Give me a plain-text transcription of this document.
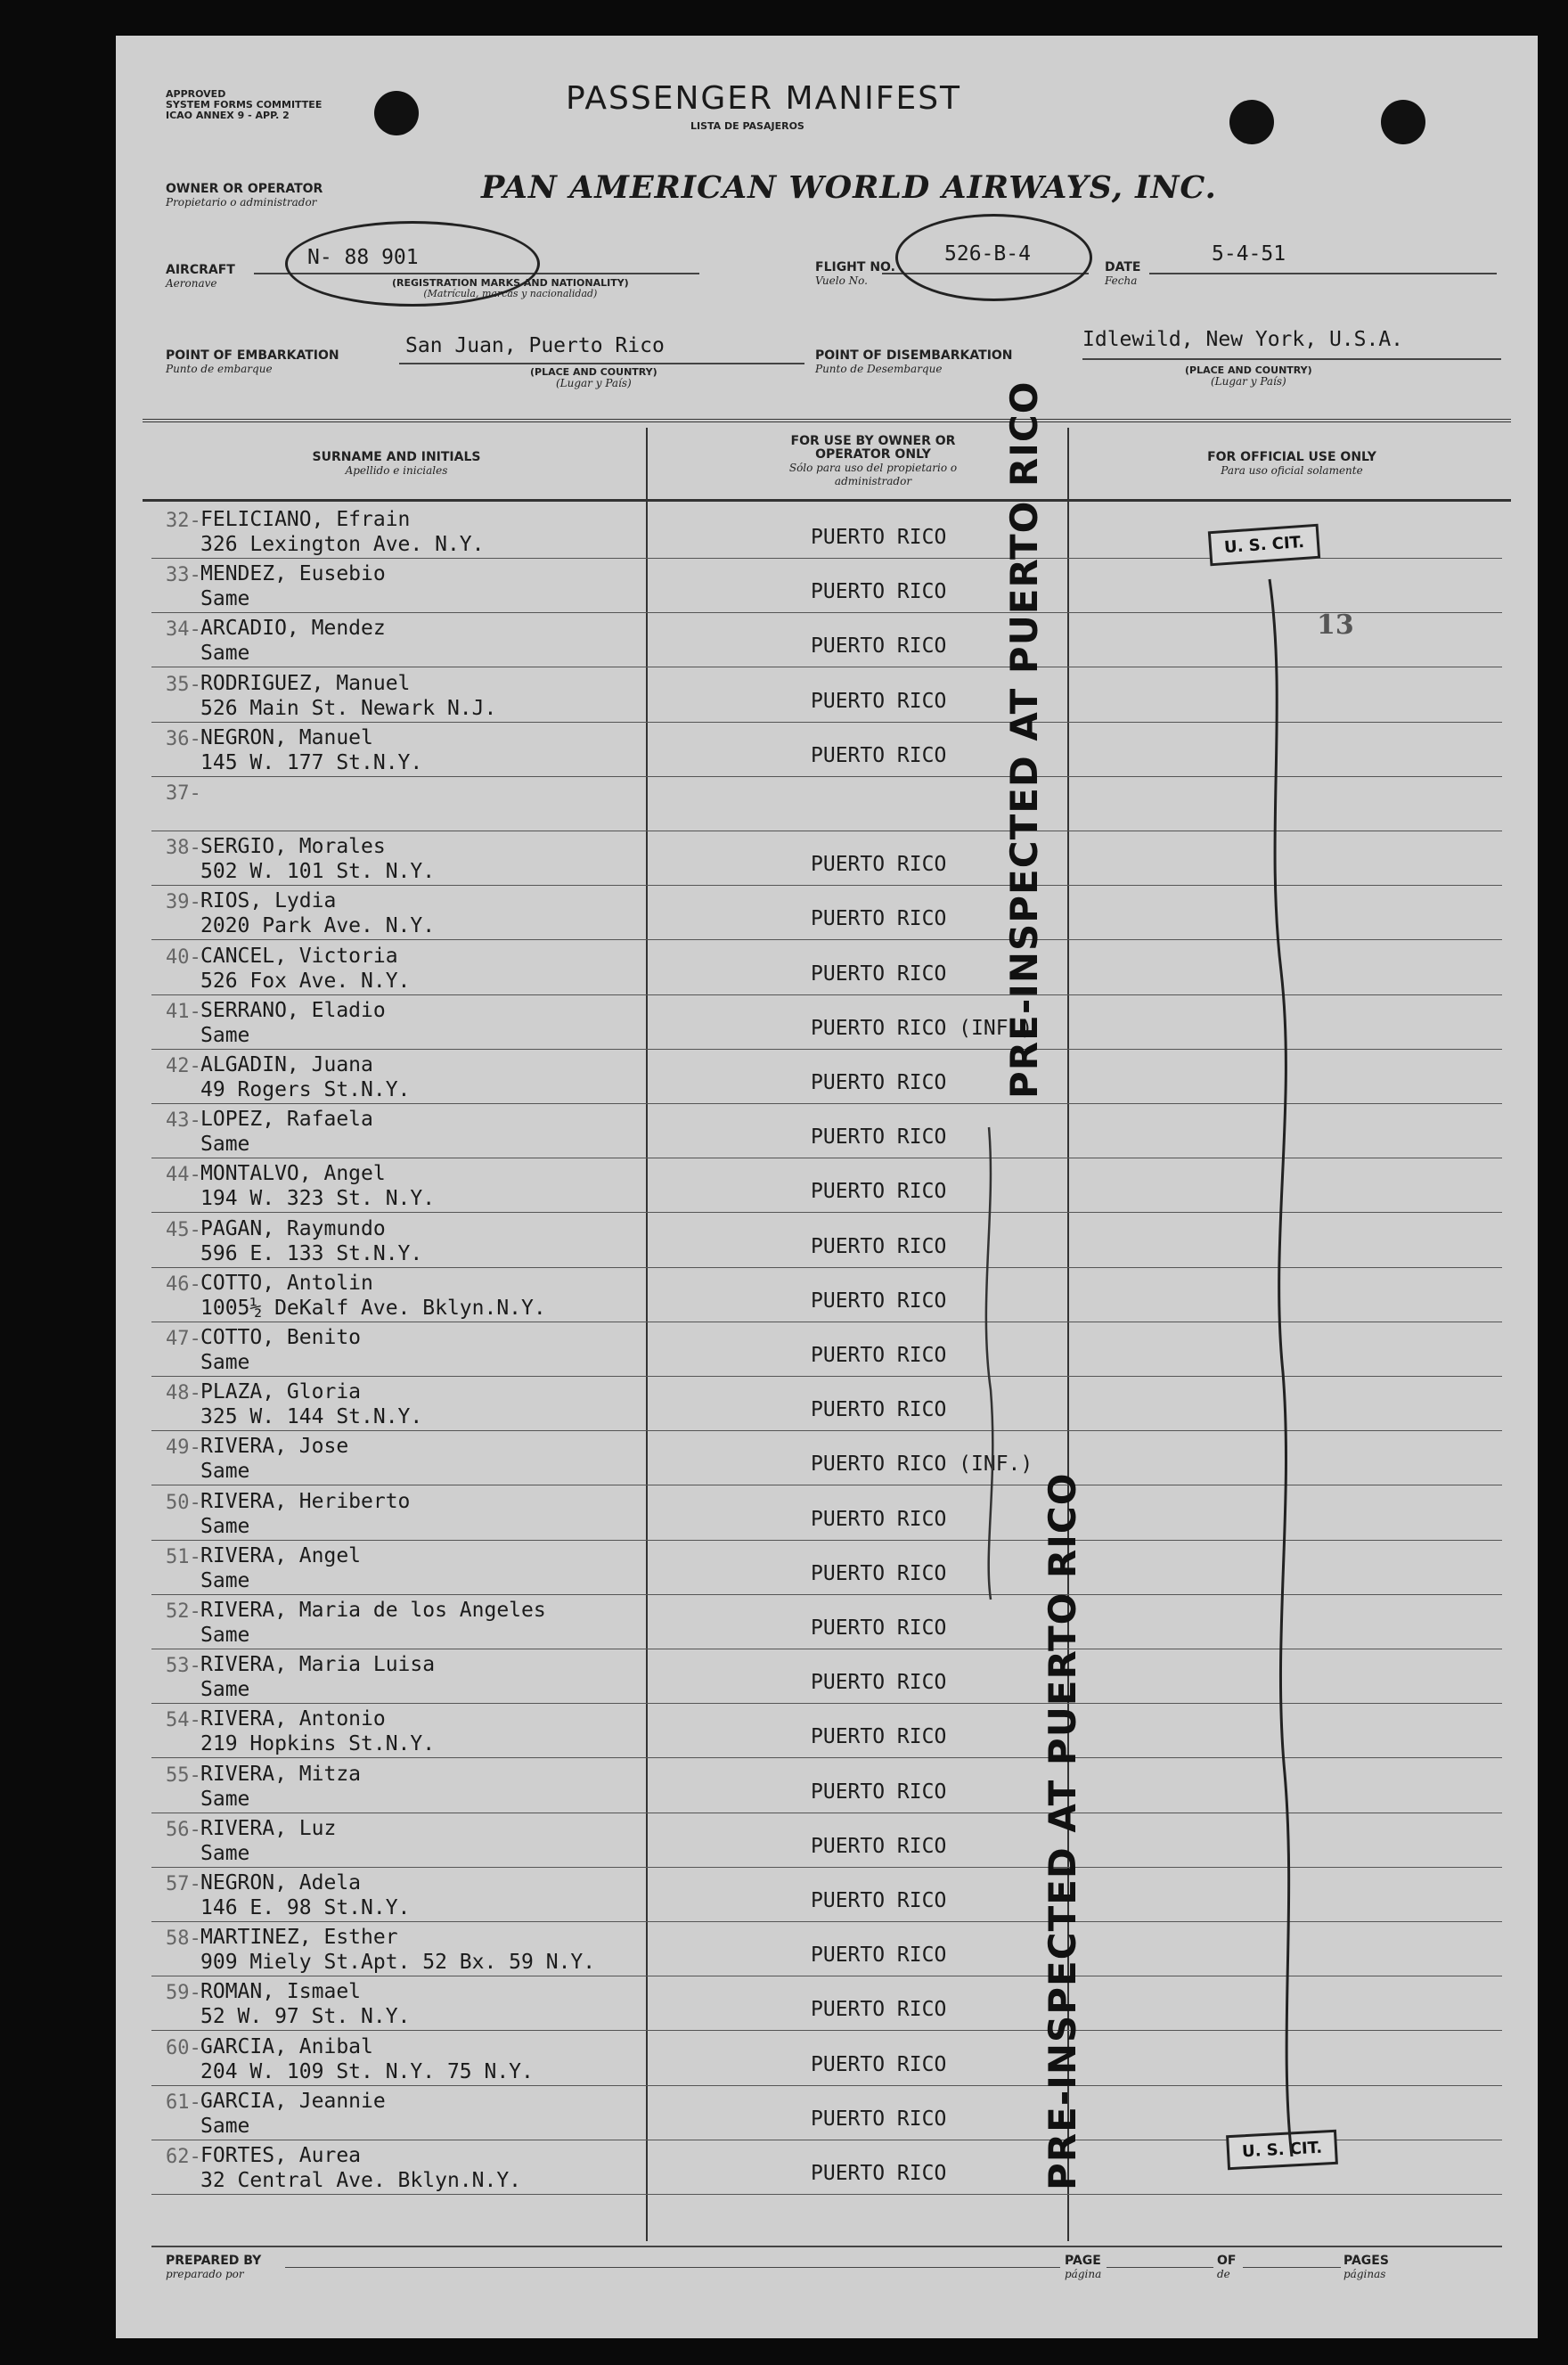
APPROVED
SYSTEM FORMS COMMITTEE
ICAO ANNEX 9 - APP. 2	PASSENGER MANIFEST
LISTA DE PASAJEROS
OWNER OR OPERATOR
Propietario o administrador	PAN AMERICAN WORLD AIRWAYS, INC.
AIRCRAFT
Aeronave
N- 88 901
(REGISTRATION MARKS AND NATIONALITY)
(Matrícula, marcas y nacionalidad)
FLIGHT NO.
Vuelo No.
526-B-4
DATE
Fecha
5-4-51
POINT OF EMBARKATION
Punto de embarque
San Juan, Puerto Rico
(PLACE AND COUNTRY)
(Lugar y País)
POINT OF DISEMBARKATION
Punto de Desembarque
Idlewild, New York, U.S.A.
(PLACE AND COUNTRY)
(Lugar y País)
SURNAME AND INITIALS
Apellido e iniciales
FOR USE BY OWNER OR OPERATOR ONLY
Sólo para uso del propietario o administrador
FOR OFFICIAL USE ONLY
Para uso oficial solamente
32- FELICIANO, Efrain
326 Lexington Ave. N.Y.	PUERTO RICO
33- MENDEZ, Eusebio
Same	PUERTO RICO
34- ARCADIO, Mendez
Same	PUERTO RICO
35- RODRIGUEZ, Manuel
526 Main St. Newark N.J.	PUERTO RICO
36- NEGRON, Manuel
145 W. 177 St.N.Y.	PUERTO RICO
37-
38- SERGIO, Morales
502 W. 101 St. N.Y.	PUERTO RICO
39- RIOS, Lydia
2020 Park Ave. N.Y.	PUERTO RICO
40- CANCEL, Victoria
526 Fox Ave. N.Y.	PUERTO RICO
41- SERRANO, Eladio
Same	PUERTO RICO (INF.)
42- ALGADIN, Juana
49 Rogers St.N.Y.	PUERTO RICO
43- LOPEZ, Rafaela
Same	PUERTO RICO
44- MONTALVO, Angel
194 W. 323 St. N.Y.	PUERTO RICO
45- PAGAN, Raymundo
596 E. 133 St.N.Y.	PUERTO RICO
46- COTTO, Antolin
1005½ DeKalf Ave. Bklyn.N.Y.	PUERTO RICO
47- COTTO, Benito
Same	PUERTO RICO
48- PLAZA, Gloria
325 W. 144 St.N.Y.	PUERTO RICO
49- RIVERA, Jose
Same	PUERTO RICO (INF.)
50- RIVERA, Heriberto
Same	PUERTO RICO
51- RIVERA, Angel
Same	PUERTO RICO
52- RIVERA, Maria de los Angeles
Same	PUERTO RICO
53- RIVERA, Maria Luisa
Same	PUERTO RICO
54- RIVERA, Antonio
219 Hopkins St.N.Y.	PUERTO RICO
55- RIVERA, Mitza
Same	PUERTO RICO
56- RIVERA, Luz
Same	PUERTO RICO
57- NEGRON, Adela
146 E. 98 St.N.Y.	PUERTO RICO
58- MARTINEZ, Esther
909 Miely St.Apt. 52 Bx. 59 N.Y.	PUERTO RICO
59- ROMAN, Ismael
52 W. 97 St. N.Y.	PUERTO RICO
60- GARCIA, Anibal
204 W. 109 St. N.Y. 75 N.Y.	PUERTO RICO
61- GARCIA, Jeannie
Same	PUERTO RICO
62- FORTES, Aurea
32 Central Ave. Bklyn.N.Y.	PUERTO RICO
PRE-INSPECTED AT PUERTO RICO
PRE-INSPECTED AT PUERTO RICO
U. S. CIT.
U. S. CIT.
13
PREPARED BY
preparado por
PAGE
página
OF
de
PAGES
páginas
